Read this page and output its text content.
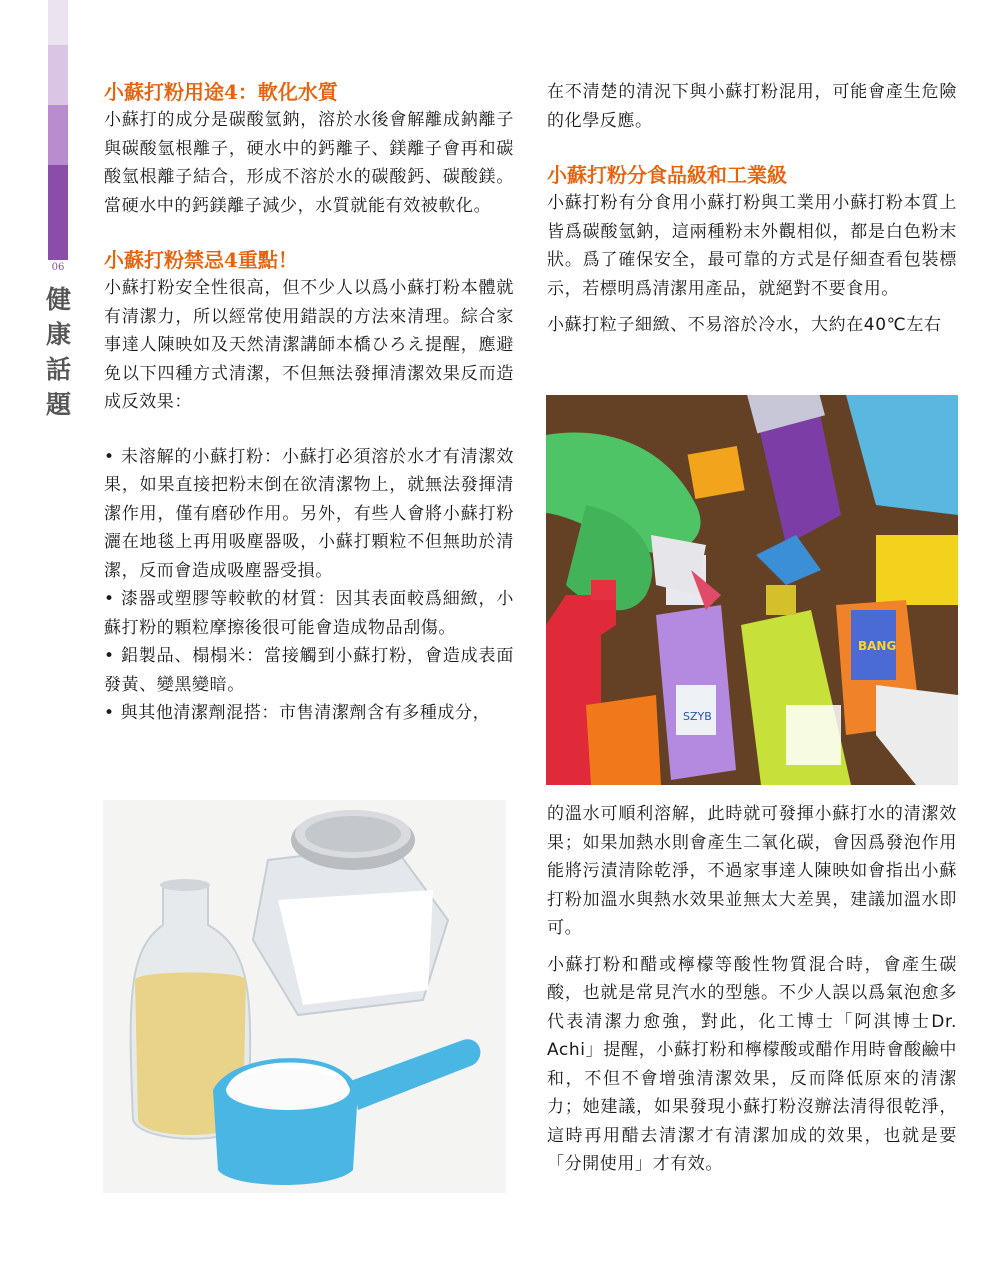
06
健
康
話
題
小蘇打粉用途4：軟化水質

小蘇打的成分是碳酸氫鈉，溶於水後會解離成鈉離子與碳酸氫根離子，硬水中的鈣離子、鎂離子會再和碳酸氫根離子結合，形成不溶於水的碳酸鈣、碳酸鎂。當硬水中的鈣鎂離子減少，水質就能有效被軟化。

小蘇打粉禁忌4重點！

小蘇打粉安全性很高，但不少人以爲小蘇打粉本體就有清潔力，所以經常使用錯誤的方法來清理。綜合家事達人陳映如及天然清潔講師本橋ひろえ提醒，應避免以下四種方式清潔，不但無法發揮清潔效果反而造成反效果：

• 未溶解的小蘇打粉：小蘇打必須溶於水才有清潔效果，如果直接把粉末倒在欲清潔物上，就無法發揮清潔作用，僅有磨砂作用。另外，有些人會將小蘇打粉灑在地毯上再用吸塵器吸，小蘇打顆粒不但無助於清潔，反而會造成吸塵器受損。

• 漆器或塑膠等較軟的材質：因其表面較爲細緻，小蘇打粉的顆粒摩擦後很可能會造成物品刮傷。

• 鋁製品、榻榻米：當接觸到小蘇打粉，會造成表面發黃、變黑變暗。

• 與其他清潔劑混搭：市售清潔劑含有多種成分，

在不清楚的清況下與小蘇打粉混用，可能會產生危險的化學反應。

小蘇打粉分食品級和工業級

小蘇打粉有分食用小蘇打粉與工業用小蘇打粉本質上皆爲碳酸氫鈉，這兩種粉末外觀相似，都是白色粉末狀。爲了確保安全，最可靠的方式是仔細查看包裝標示，若標明爲清潔用產品，就絕對不要食用。

小蘇打粒子細緻、不易溶於冷水，大約在40℃左右

SZYB
BANG

的溫水可順利溶解，此時就可發揮小蘇打水的清潔效果；如果加熱水則會產生二氧化碳，會因爲發泡作用能將污漬清除乾淨，不過家事達人陳映如會指出小蘇打粉加溫水與熱水效果並無太大差異，建議加溫水即可。

小蘇打粉和醋或檸檬等酸性物質混合時，會產生碳酸，也就是常見汽水的型態。不少人誤以爲氣泡愈多代表清潔力愈強，對此，化工博士「阿淇博士Dr. Achi」提醒，小蘇打粉和檸檬酸或醋作用時會酸鹼中和，不但不會增強清潔效果，反而降低原來的清潔力；她建議，如果發現小蘇打粉沒辦法清得很乾淨，這時再用醋去清潔才有清潔加成的效果，也就是要「分開使用」才有效。
